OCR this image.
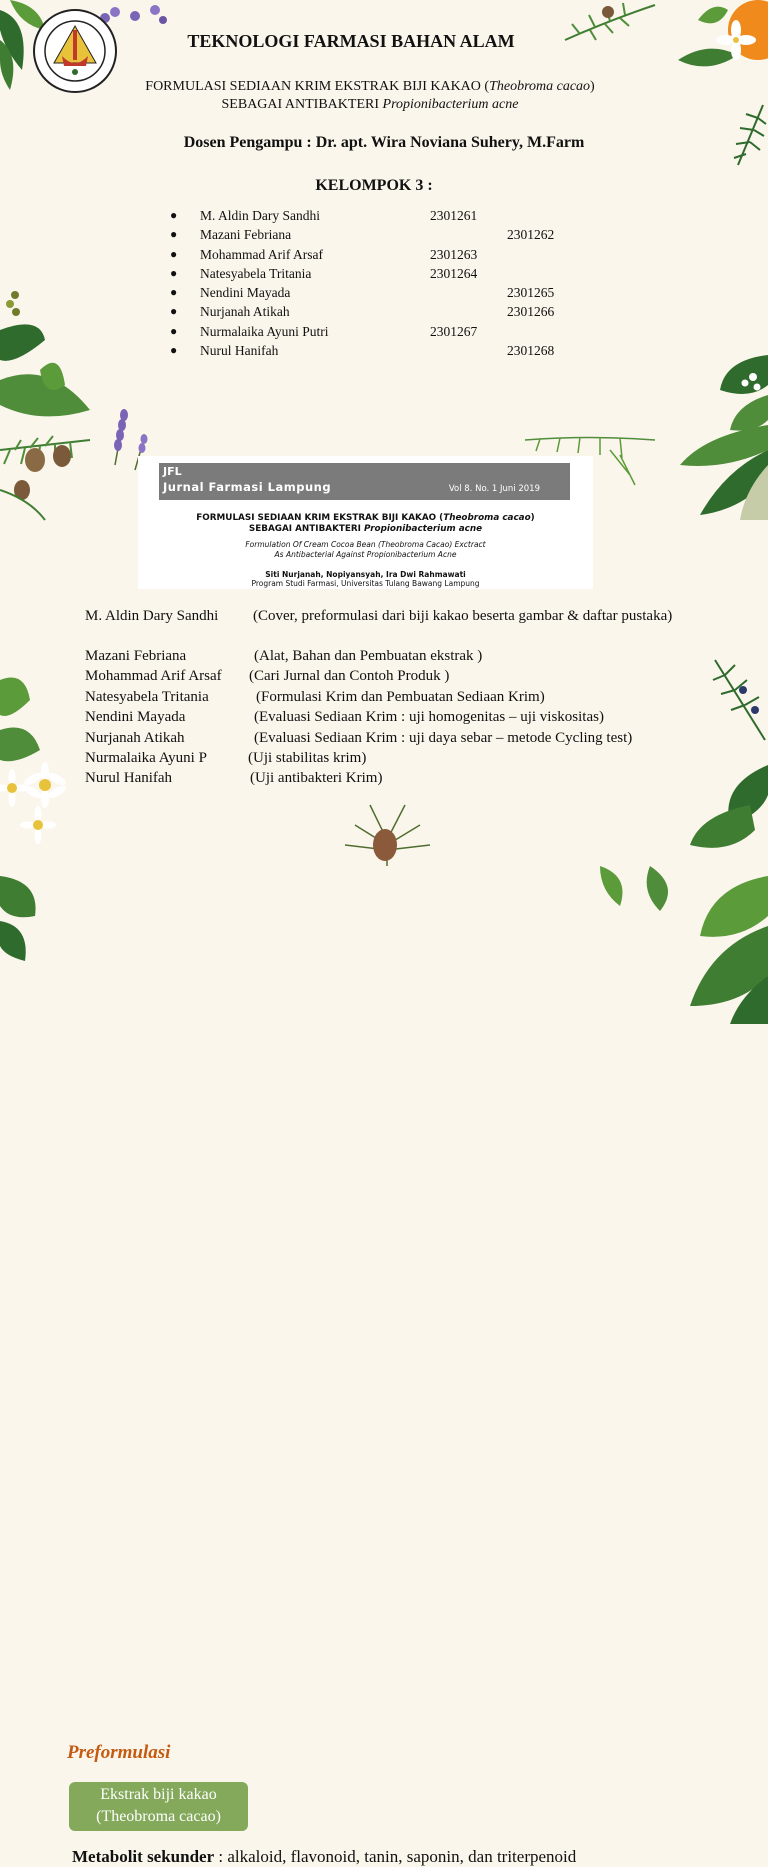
TEKNOLOGI FARMASI BAHAN ALAM
FORMULASI SEDIAAN KRIM EKSTRAK BIJI KAKAO (Theobroma cacao)
SEBAGAI ANTIBAKTERI Propionibacterium acne
Dosen Pengampu : Dr. apt. Wira Noviana Suhery, M.Farm
KELOMPOK 3 :
● M. Aldin Dary Sandhi	2301261
● Mazani Febriana	2301262
● Mohammad Arif Arsaf	2301263
● Natesyabela Tritania	2301264
● Nendini Mayada	2301265
● Nurjanah Atikah	2301266
● Nurmalaika Ayuni Putri	2301267
● Nurul Hanifah	2301268
JFL
Jurnal Farmasi Lampung	Vol 8. No. 1 Juni 2019
FORMULASI SEDIAAN KRIM EKSTRAK BIJI KAKAO (Theobroma cacao)
SEBAGAI ANTIBAKTERI Propionibacterium acne
Formulation Of Cream Cocoa Bean (Theobroma Cacao) Exctract
As Antibacterial Against Propionibacterium Acne
Siti Nurjanah, Nopiyansyah, Ira Dwi Rahmawati
Program Studi Farmasi, Universitas Tulang Bawang Lampung
M. Aldin Dary Sandhi	(Cover, preformulasi dari biji kakao beserta gambar & daftar pustaka)
Mazani Febriana	(Alat, Bahan dan Pembuatan ekstrak )
Mohammad Arif Arsaf (Cari Jurnal dan Contoh Produk )
Natesyabela Tritania	(Formulasi Krim dan Pembuatan Sediaan Krim)
Nendini Mayada	(Evaluasi Sediaan Krim : uji homogenitas – uji viskositas)
Nurjanah Atikah	(Evaluasi Sediaan Krim : uji daya sebar – metode Cycling test)
Nurmalaika Ayuni P	(Uji stabilitas krim)
Nurul Hanifah	(Uji antibakteri Krim)
Preformulasi
Ekstrak biji kakao
(Theobroma cacao)
Metabolit sekunder : alkaloid, flavonoid, tanin, saponin, dan triterpenoid
